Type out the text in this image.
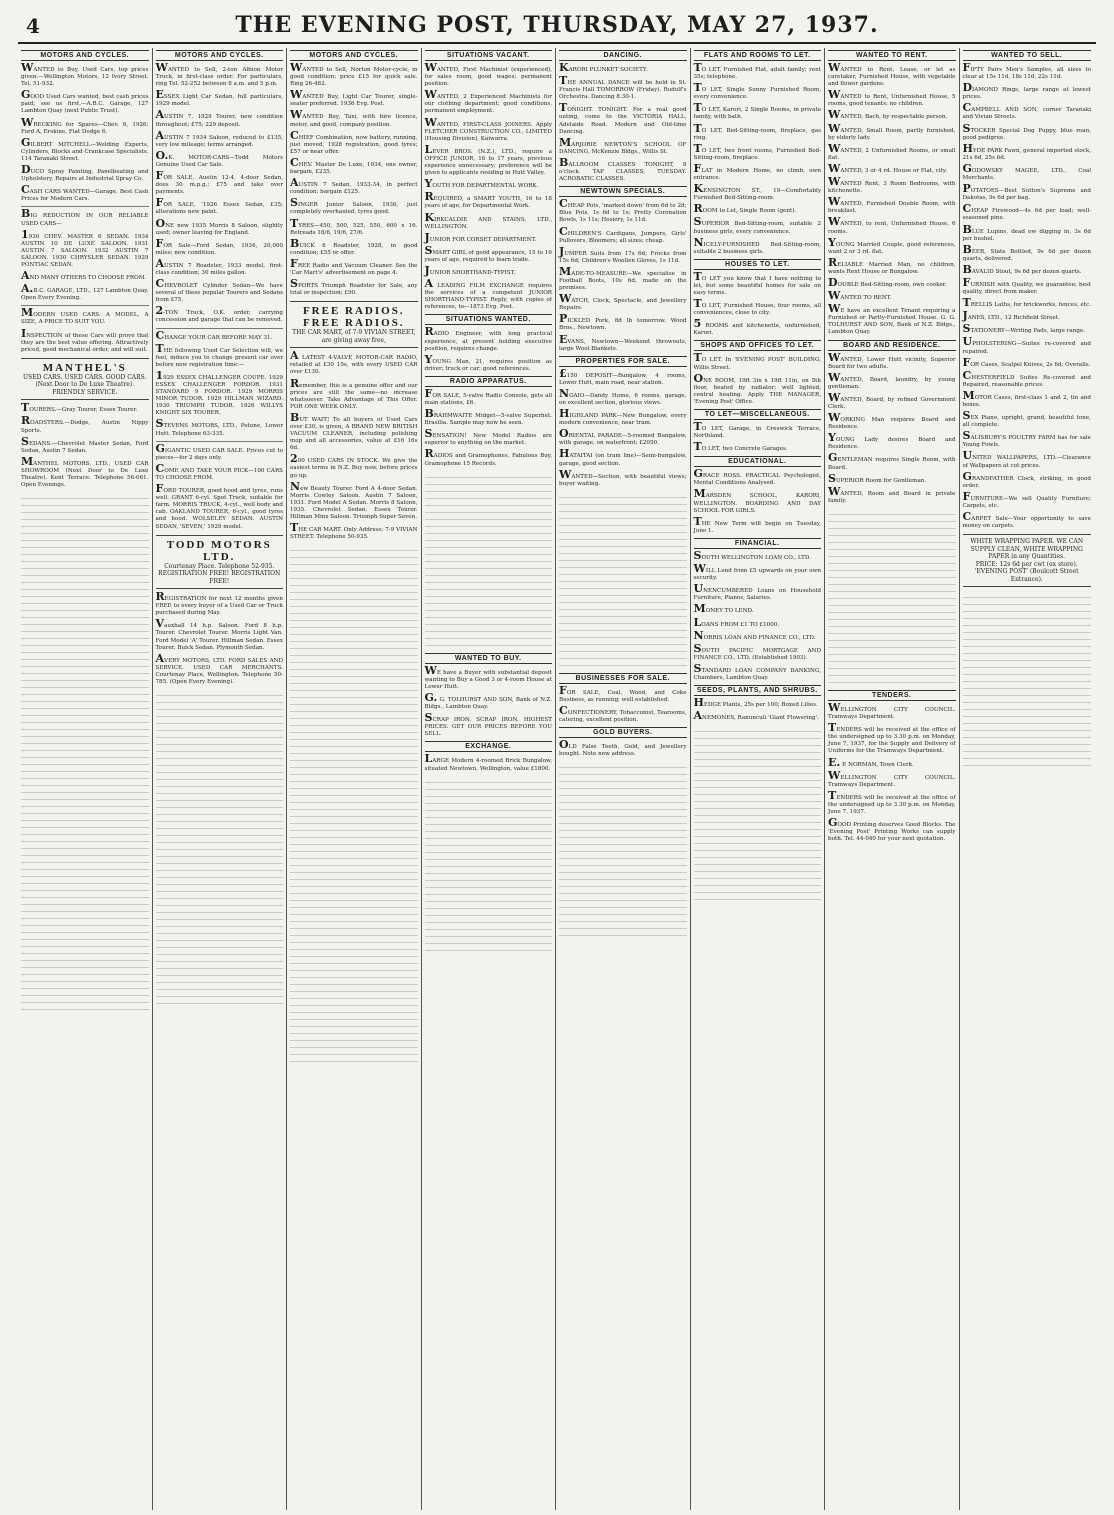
4	THE EVENING POST, THURSDAY, MAY 27, 1937.
MOTORS AND CYCLES.

WANTED to Buy, Used Cars, top prices given.—Wellington Motors, 12 Ivory Street. Tel. 51-932.

GOOD Used Cars wanted, best cash prices paid; see us first.—A.B.C. Garage, 127 Lambton Quay (next Public Trust).

WRECKING for Spares—Chev. 6, 1926; Ford A, Erskine, Fiat Dodge 6.

GILBERT MITCHELL—Welding Experts, Cylinders, Blocks and Crankcase Specialists. 114 Taranaki Street.

DUCO Spray Painting, Panelbeating and Upholstery, Repairs at Industrial Spray Co.

CASH CARS WANTED—Garage. Best Cash Prices for Modern Cars.

BIG REDUCTION IN OUR RELIABLE USED CARS—

1930 CHEV. MASTER 6 SEDAN. 1934 AUSTIN 10 DE LUXE SALOON. 1931 AUSTIN 7 SALOON. 1932 AUSTIN 7 SALOON. 1930 CHRYSLER SEDAN. 1929 PONTIAC SEDAN.

AND MANY OTHERS TO CHOOSE FROM.

A.B.C. GARAGE, LTD., 127 Lambton Quay. Open Every Evening.

MODERN USED CARS. A MODEL, A SIZE, A PRICE TO SUIT YOU.

INSPECTION of these Cars will prove that they are the best value offering. Attractively priced, good mechanical order, and will suit.

MANTHEL'S
USED CARS. USED CARS. GOOD CARS. (Next Door to De Luxe Theatre). FRIENDLY SERVICE.

TOURERS.—Gray Tourer, Essex Tourer.

ROADSTERS.—Dodge, Austin Nippy Sports.

SEDANS.—Chevrolet Master Sedan, Ford Sedan, Austin 7 Sedan.

MANTHEL MOTORS, LTD., USED CAR SHOWROOM (Next Door to De Luxe Theatre). Kent Terrace. Telephone 56-061. Open Evenings.

MOTORS AND CYCLES.

WANTED to Sell, 2-ton Albion Motor Truck, in first-class order. For particulars, ring Tel. 52-252 between 8 a.m. and 5 p.m.

ESSEX Light Car Sedan, full particulars, 1929 model.

AUSTIN 7, 1929 Tourer, new condition throughout; £75; 229 deposit.

AUSTIN 7 1934 Saloon, reduced to £135, very low mileage; terms arranged.

O.K. MOTOR-CARS—Todd Motors Genuine Used Car Sale.

FOR SALE, Austin 12-4, 4-door Sedan, does 30 m.p.g.; £75 and take over payments.

FOR SALE, '1926 Essex Sedan, £35; alterations new paint.

ONE new 1935 Morris 8 Saloon, slightly used; owner leaving for England.

FOR Sale—Ford Sedan, 1934, 20,000 miles; new condition.

AUSTIN 7 Roadster, 1933 model, first-class condition; 30 miles gallon.

CHEVROLET Cylinder Sedan—We have several of these popular Tourers and Sedans from £75.

2-TON Truck, O.K. order, carrying concession and garage that can be removed.

CHANGE YOUR CAR BEFORE MAY 31.

THE following Used Car Selection will, we feel, induce you to change present car over before new registration time:—

1929 ESSEX CHALLENGER COUPE. 1929 ESSEX CHALLENGER FORDOR. 1931 STANDARD 9 FORDOR. 1929 MORRIS MINOR TUDOR. 1929 HILLMAN WIZARD. 1930 TRIUMPH TUDOR. 1926 WILLYS KNIGHT SIX TOURER.

STEVENS MOTORS, LTD., Petone, Lower Hutt. Telephone 63-335.

GIGANTIC USED CAR SALE. Prices cut to pieces—for 2 days only.

COME AND TAKE YOUR PICK—100 CARS TO CHOOSE FROM.

FORD TOURER, good hood and tyres, runs well. GRANT 6-cyl. Spot Truck, suitable for farm. MORRIS TRUCK, 4-cyl., well body and cab. OAKLAND TOURER, 6-cyl., good tyres and hood. WOLSELEY SEDAN. AUSTIN SEDAN, 'SEVEN,' 1929 model.

TODD MOTORS LTD.
Courtenay Place. Telephone 52-935. REGISTRATION FREE! REGISTRATION FREE!

REGISTRATION for next 12 months given FREE to every buyer of a Used Car or Truck purchased during May.

Vauxhall 14 h.p. Saloon. Ford 8 h.p. Tourer. Chevrolet Tourer. Morris Light Van. Ford Model 'A' Tourer. Hillman Sedan. Essex Tourer. Buick Sedan. Plymouth Sedan.

AVERY MOTORS, LTD. FORD SALES AND SERVICE. USED CAR MERCHANTS. Courtenay Place, Wellington. Telephone 50-785. (Open Every Evening).

MOTORS AND CYCLES.

WANTED to Sell, Norton Motor-cycle, in good condition; price £15 for quick sale. Ring 26-482.

WANTED Buy, Light Car Tourer, single-seater preferred. 1936 Evg. Post.

WANTED Buy, Taxi, with hire licence, motor, and good, company position.

CHIEF Combination, now battery, running, just moved, 1928 registration, good tyres; £57 or near offer.

CHEV. Master De Luxe, 1934, one owner, bargain, £235.

AUSTIN 7 Sedan, 1933-34, in perfect condition; bargain £125.

SINGER Junior Saloon, 1936, just completely overhauled, tyres good.

TYRES—450, 500, 525, 550, 600 x 16. Retreads 18/6, 19/6, 27/6.

BUICK 6 Roadster, 1928, in good condition; £55 or offer.

FREE Radio and Vacuum Cleaner. See the 'Car Mart's' advertisement on page 4.

SPORTS Triumph Roadster for Sale, any trial or inspection; £90.

FREE RADIOS. FREE RADIOS.
THE CAR MART, of 7-9 VIVIAN STREET, are giving away free,

A LATEST 4-VALVE MOTOR-CAR RADIO, retailed at £30 15s, with every USED CAR over £130.

Remember, this is a genuine offer and our prices are still the same—no increase whatsoever. Take Advantage of This Offer. FOR ONE WEEK ONLY.

BUT WAIT! To all buyers of Used Cars over £30, is given, A BRAND NEW BRITISH VACUUM CLEANER, including polishing mop and all accessories, value at £16 16s 6d.

200 USED CARS IN STOCK. We give the easiest terms in N.Z. Buy now, before prices go up.

New Beauty Tourer. Ford A 4-door Sedan. Morris Cowley Saloon. Austin 7 Saloon, 1931. Ford Model A Sedan. Morris 8 Saloon, 1935. Chevrolet Sedan. Essex Tourer. Hillman Minx Saloon. Triumph Super Seven.

THE CAR MART. Only Address: 7-9 VIVIAN STREET. Telephone 50-935.

SITUATIONS VACANT.

WANTED, First Machinist (experienced), for sales room, good wages; permanent position.

WANTED, 2 Experienced Machinists for our clothing department; good conditions, permanent employment.

WANTED, FIRST-CLASS JOINERS. Apply FLETCHER CONSTRUCTION CO., LIMITED (Housing Division), Kaiwarra.

LEVER BROS. (N.Z.), LTD., require a OFFICE JUNIOR, 16 to 17 years, previous experience unnecessary; preference will be given to applicants residing in Hutt Valley.

YOUTH FOR DEPARTMENTAL WORK.

REQUIRED, a SMART YOUTH, 16 to 18 years of age, for Departmental Work.

KIRKCALDIE AND STAINS, LTD., WELLINGTON.

JUNIOR FOR CORSET DEPARTMENT.

SMART GIRL of good appearance, 15 to 16 years of age, required to learn trade.

JUNIOR SHORTHAND-TYPIST.

A LEADING FILM EXCHANGE requires the services of a competent JUNIOR SHORTHAND-TYPIST. Reply, with copies of references, to—1873 Evg. Post.

SITUATIONS WANTED.

RADIO Engineer, with long practical experience, at present holding executive position, requires change.

YOUNG Man, 21, requires position as driver; truck or car; good references.

RADIO APPARATUS.

FOR SALE, 5-valve Radio Console, gets all main stations, £6.

BRAHMWAITE Midget—5-valve Superhet. Brasilia. Sample may now be seen.

SENSATION! New Model Radios are superior to anything on the market.

RADIOS and Gramophones. Fabulous Buy, Gramophone 15 Records.

WANTED TO BUY.

WE have a Buyer with substantial deposit wanting to Buy a Good 3 or 4-room House at Lower Hutt.

G. G. TOLHURST AND SON, Bank of N.Z. Bldgs., Lambton Quay.

SCRAP IRON. SCRAP IRON. HIGHEST PRICES. GET OUR PRICES BEFORE YOU SELL.

EXCHANGE.

LARGE Modern 4-roomed Brick Bungalow, situated Newtown, Wellington, value £1800.

DANCING.

KARORI PLUNKET SOCIETY.

THE ANNUAL DANCE will be held in St. Francis Hall TOMORROW (Friday). Rudolf's Orchestra. Dancing 8.30-1.

TONIGHT. TONIGHT. For a real good outing, come to the VICTORIA HALL, Adelaide Road. Modern and Old-time Dancing.

MARJORIE NEWTON'S SCHOOL OF DANCING, McKenzie Bldgs., Willis St.

BALLROOM CLASSES TONIGHT, 8 o'clock. TAP CLASSES, TUESDAY. ACROBATIC CLASSES.

NEWTOWN SPECIALS.

CHEAP Pots, 'marked down' from 6d to 2d; Blue Pots, 1s 6d to 1s; Pretty Coronation Bowls, 1s 11s; Hosiery, 1s 11d.

CHILDREN'S Cardigans, Jumpers, Girls' Pullovers, Bloomers; all sizes; cheap.

JUMPER Suits from 17s 6d; Frocks from 15s 6d; Children's Woollen Gloves, 1s 11d.

MADE-TO-MEASURE—We specialise in Football Boots, 10s 6d, made on the premises.

WATCH, Clock, Spectacle, and Jewellery Repairs.

PICKLED Pork, 8d lb tomorrow. Wood Bros., Newtown.

EVANS, Newtown—Weekend throwouts, large Wool Blankets.

PROPERTIES FOR SALE.

£150 DEPOSIT—Bungalow, 4 rooms, Lower Hutt, main road, near station.

NGAIO—Dandy Home, 6 rooms, garage, on excellent section, glorious views.

HIGHLAND PARK—New Bungalow, every modern convenience, near tram.

ORIENTAL PARADE—5-roomed Bungalow, with garage, on waterfront; £2050.

HATAITAI (on tram line)—Semi-bungalow, garage, good section.

WANTED—Section, with beautiful views; buyer waiting.

BUSINESSES FOR SALE.

FOR SALE, Coal, Wood, and Coke Business, as running; well established.

CONFECTIONERY, Tobacconist, Tearooms, catering, excellent position.

GOLD BUYERS.

OLD False Teeth, Gold, and Jewellery bought. Note new address.

FLATS AND ROOMS TO LET.

TO LET, Furnished Flat, adult family; rent 35s; telephone.

TO LET, Single Sunny Furnished Room, every convenience.

TO LET, Karori, 2 Single Rooms, in private family, with bath.

TO LET, Bed-Sitting-room, fireplace, gas ring.

TO LET, two front rooms, Furnished Bed-Sitting-room, fireplace.

FLAT in Modern Home, no climb, own entrance.

KENSINGTON ST., 19—Comfortably Furnished Bed-Sitting-room.

ROOM to Let, Single Room (gent).

SUPERIOR Bed-Sitting-room, suitable 2 business girls, every convenience.

NICELY-FURNISHED Bed-Sitting-room, suitable 2 business girls.

HOUSES TO LET.

TO LET you know that I have nothing to let, but some beautiful homes for sale on easy terms.

TO LET, Furnished House, four rooms, all conveniences, close to city.

5 ROOMS and kitchenette, unfurnished, Karori.

SHOPS AND OFFICES TO LET.

TO LET. In 'EVENING POST' BUILDING, Willis Street.

ONE ROOM, 19ft 3in x 19ft 11in, on 5th floor, heated by radiator; well lighted, central heating. Apply THE MANAGER, 'Evening Post' Office.

TO LET—MISCELLANEOUS.

TO LET, Garage, in Creswick Terrace, Northland.

TO LET, two Concrete Garages.

EDUCATIONAL.

GRACE ROSS. PRACTICAL Psychologist, Mental Conditions Analysed.

MARSDEN SCHOOL, KARORI, WELLINGTON. BOARDING AND DAY SCHOOL FOR GIRLS.

THE New Term will begin on Tuesday, June 1.

FINANCIAL.

SOUTH WELLINGTON LOAN CO., LTD.

WILL Lend from £5 upwards on your own security.

UNENCUMBERED Loans on Household Furniture, Pianos, Salaries.

MONEY TO LEND.

LOANS FROM £1 TO £1000.

NORRIS LOAN AND FINANCE CO., LTD.

SOUTH PACIFIC MORTGAGE AND FINANCE CO., LTD. (Established 1903).

STANDARD LOAN COMPANY BANKING, Chambers, Lambton Quay.

SEEDS, PLANTS, AND SHRUBS.

HEDGE Plants, 25s per 100; Boxed Lilies.

ANEMONES, Ranunculi 'Giant Flowering'.

WANTED TO RENT.

WANTED to Rent, Lease, or let as caretaker, Furnished House, with vegetable and flower gardens.

WANTED to Rent, Unfurnished House, 5 rooms, good tenants; no children.

WANTED, Bach, by respectable person.

WANTED, Small Room, partly furnished, by elderly lady.

WANTED, 2 Unfurnished Rooms, or small flat.

WANTED, 3 or 4 rd. House or Flat, city.

WANTED Rent, 3 Room Bedrooms, with kitchenette.

WANTED, Furnished Double Room, with breakfast.

WANTED, to rent, Unfurnished House, 6 rooms.

YOUNG Married Couple, good references, want 2 or 3 rd. flat.

RELIABLE Married Man, no children, wants Rent House or Bungalow.

DOUBLE Bed-Sitting-room, own cooker.

WANTED TO RENT.

WE have an excellent Tenant requiring a Furnished or Partly-Furnished House. G. G. TOLHURST AND SON, Bank of N.Z. Bldgs., Lambton Quay.

BOARD AND RESIDENCE.

WANTED, Lower Hutt vicinity, Superior Board for two adults.

WANTED, Board, laundry, by young gentleman.

WANTED, Board, by refined Government Clerk.

WORKING Man requires Board and Residence.

YOUNG Lady desires Board and Residence.

GENTLEMAN requires Single Room, with Board.

SUPERIOR Room for Gentleman.

WANTED, Room and Board in private family.

TENDERS.

WELLINGTON CITY COUNCIL. Tramways Department.

TENDERS will be received at the office of the undersigned up to 3.30 p.m. on Monday, June 7, 1937, for the Supply and Delivery of Uniforms for the Tramways Department.

E. P. NORMAN, Town Clerk.

WELLINGTON CITY COUNCIL. Tramways Department.

TENDERS will be received at the office of the undersigned up to 3.30 p.m. on Monday, June 7, 1937.

GOOD Printing deserves Good Blocks. The 'Evening Post' Printing Works can supply both. Tel. 44-040 for your next quotation.

WANTED TO SELL.

FIFTY Pairs Men's Samples, all sizes to clear at 15s 11d, 18s 11d, 22s 11d.

DIAMOND Rings, large range at lowest prices.

CAMPBELL AND SON, corner Taranaki and Vivian Streets.

STOCKER Special Dog Puppy, blue roan, good pedigree.

HYDE PARK Fawn, general imported stock, 21s 6d, 25s 6d.

GODOWSKY MAGEE, LTD., Coal Merchants.

POTATOES—Best Sutton's Supreme and Dakotas, 9s 6d per bag.

CHEAP Firewood—4s 6d per load; well-seasoned pine.

BLUE Lupins, dead ow digging in, 3s 6d per bushel.

BEER, State Bottled, 9s 6d per dozen quarts, delivered.

BAVALID Stout, 9s 6d per dozen quarts.

FURNISH with Quality, we guarantee; best quality, direct from maker.

TRELLIS Laths, for brickworks, fences, etc.

JANES, LTD., 12 Richfield Street.

STATIONERY—Writing Pads, large range.

UPHOLSTERING—Suites re-covered and repaired.

FOR Cases, Scalpel Knives, 2s 6d; Overalls.

CHESTERFIELD Suites Re-covered and Repaired, reasonable prices.

MOTOR Cases, first-class 1 and 2, tin and boxes.

SEX Piano, upright, grand, beautiful tone, all complete.

SALISBURY'S POULTRY FARM has for sale Young Fowls.

UNITED WALLPAPERS, LTD.—Clearance of Wallpapers at cut prices.

GRANDFATHER Clock, striking, in good order.

FURNITURE—We sell Quality Furniture; Carpets, etc.

CARPET Sale—Your opportunity to save money on carpets.

WHITE WRAPPING PAPER. WE CAN SUPPLY CLEAN, WHITE WRAPPING PAPER in any Quantities.
PRICE: 12s 6d per cwt (ex store).
'EVENING POST' (Boulcott Street Entrance).
